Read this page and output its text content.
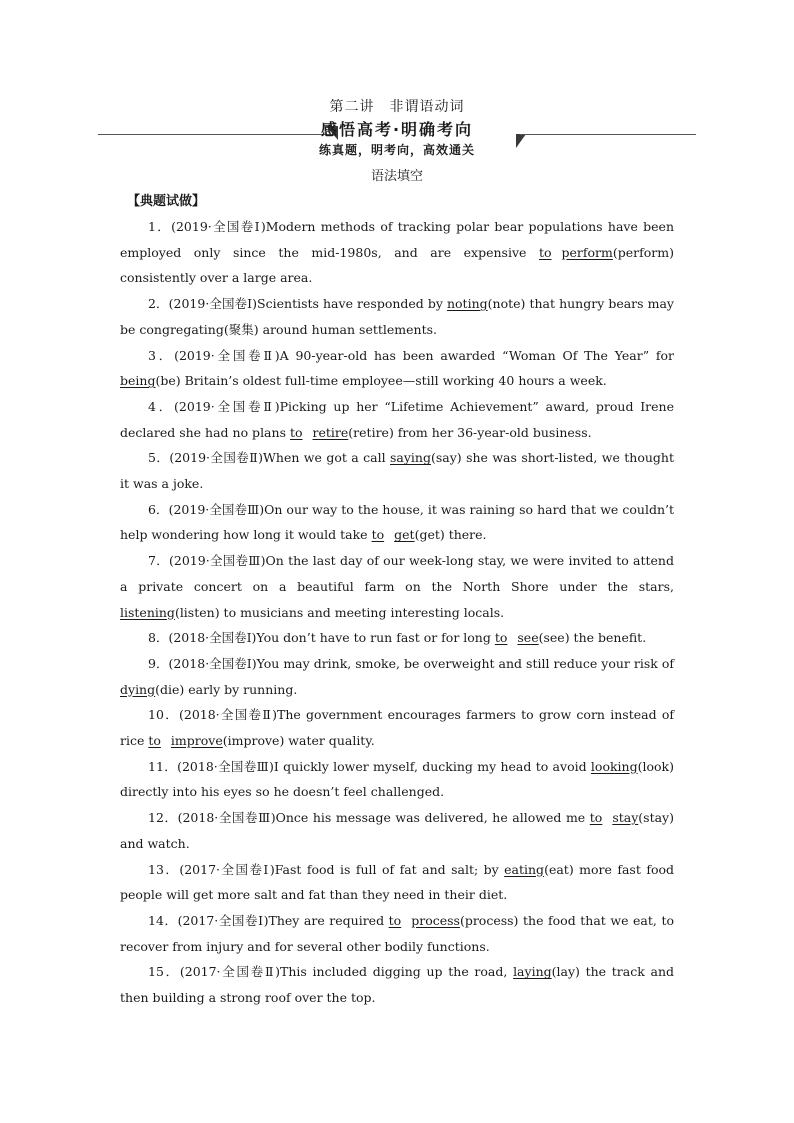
第二讲　非谓语动词
感悟高考·明确考向
练真题，明考向，高效通关
语法填空
【典题试做】

1．(2019·全国卷Ⅰ)Modern methods of tracking polar bear populations have been employed only since the mid-1980s, and are expensive to perform(perform) consistently over a large area.

2．(2019·全国卷Ⅰ)Scientists have responded by noting(note) that hungry bears may be congregating(聚集) around human settlements.

3．(2019·全国卷Ⅱ)A 90-year-old has been awarded “Woman Of The Year” for being(be) Britain’s oldest full-time employee—still working 40 hours a week.

4．(2019·全国卷Ⅱ)Picking up her “Lifetime Achievement” award, proud Irene declared she had no plans to retire(retire) from her 36-year-old business.

5．(2019·全国卷Ⅱ)When we got a call saying(say) she was short-listed, we thought it was a joke.

6．(2019·全国卷Ⅲ)On our way to the house, it was raining so hard that we couldn’t help wondering how long it would take to get(get) there.

7．(2019·全国卷Ⅲ)On the last day of our week-long stay, we were invited to attend a private concert on a beautiful farm on the North Shore under the stars, listening(listen) to musicians and meeting interesting locals.

8．(2018·全国卷Ⅰ)You don’t have to run fast or for long to see(see) the benefit.

9．(2018·全国卷Ⅰ)You may drink, smoke, be overweight and still reduce your risk of dying(die) early by running.

10．(2018·全国卷Ⅱ)The government encourages farmers to grow corn instead of rice to improve(improve) water quality.

11．(2018·全国卷Ⅲ)I quickly lower myself, ducking my head to avoid looking(look) directly into his eyes so he doesn’t feel challenged.

12．(2018·全国卷Ⅲ)Once his message was delivered, he allowed me to stay(stay) and watch.

13．(2017·全国卷Ⅰ)Fast food is full of fat and salt; by eating(eat) more fast food people will get more salt and fat than they need in their diet.

14．(2017·全国卷Ⅰ)They are required to process(process) the food that we eat, to recover from injury and for several other bodily functions.

15．(2017·全国卷Ⅱ)This included digging up the road, laying(lay) the track and then building a strong roof over the top.
